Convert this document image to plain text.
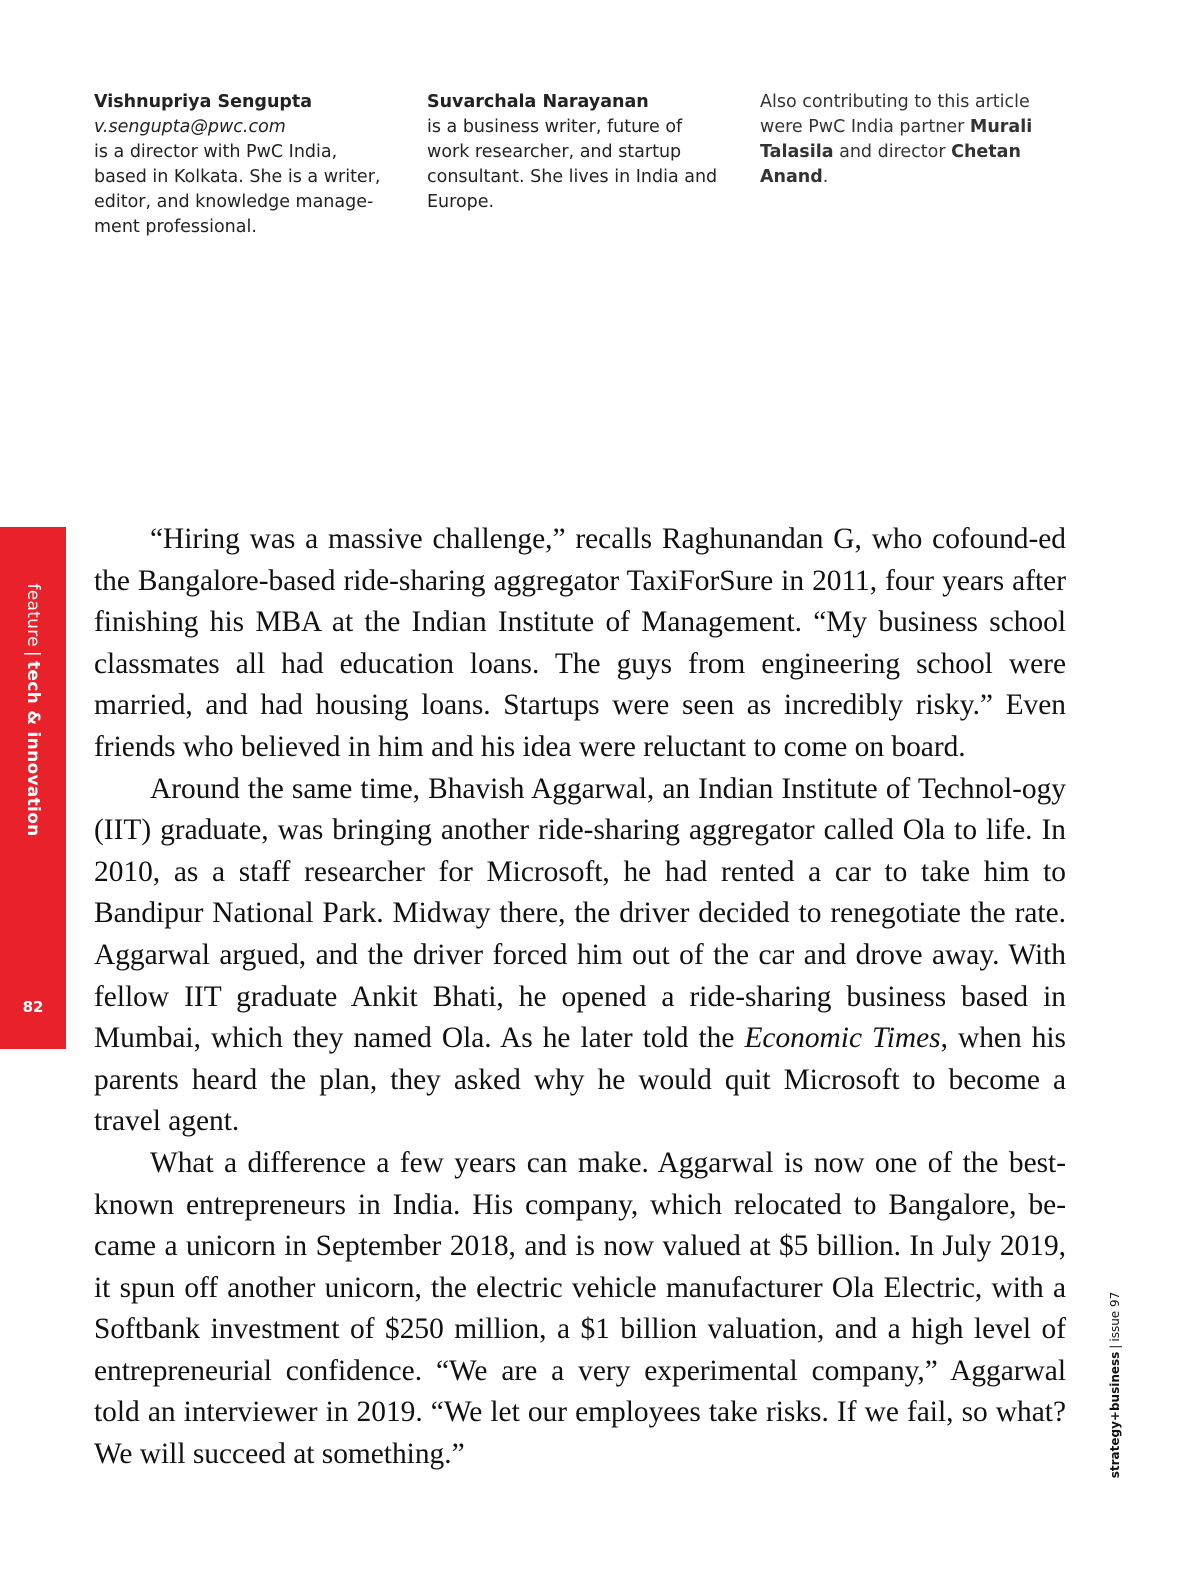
Vishnupriya Sengupta
v.sengupta@pwc.com
is a director with PwC India, based in Kolkata. She is a writer, editor, and knowledge manage-ment professional.
Suvarchala Narayanan
is a business writer, future of work researcher, and startup consultant. She lives in India and Europe.
Also contributing to this article were PwC India partner Murali Talasila and director Chetan Anand.
feature|tech & innovation
82

“Hiring was a massive challenge,” recalls Raghunandan G, who cofound-ed the Bangalore-based ride-sharing aggregator TaxiForSure in 2011, four years after finishing his MBA at the Indian Institute of Management. “My business school classmates all had education loans. The guys from engineering school were married, and had housing loans. Startups were seen as incredibly risky.” Even friends who believed in him and his idea were reluctant to come on board.

Around the same time, Bhavish Aggarwal, an Indian Institute of Technol-ogy (IIT) graduate, was bringing another ride-sharing aggregator called Ola to life. In 2010, as a staff researcher for Microsoft, he had rented a car to take him to Bandipur National Park. Midway there, the driver decided to renegotiate the rate. Aggarwal argued, and the driver forced him out of the car and drove away. With fellow IIT graduate Ankit Bhati, he opened a ride-sharing business based in Mumbai, which they named Ola. As he later told the Economic Times, when his parents heard the plan, they asked why he would quit Microsoft to become a travel agent.

What a difference a few years can make. Aggarwal is now one of the best-known entrepreneurs in India. His company, which relocated to Bangalore, be-came a unicorn in September 2018, and is now valued at $5 billion. In July 2019, it spun off another unicorn, the electric vehicle manufacturer Ola Electric, with a Softbank investment of $250 million, a $1 billion valuation, and a high level of entrepreneurial confidence. “We are a very experimental company,” Aggarwal told an interviewer in 2019. “We let our employees take risks. If we fail, so what? We will succeed at something.”	strategy+business|issue 97
